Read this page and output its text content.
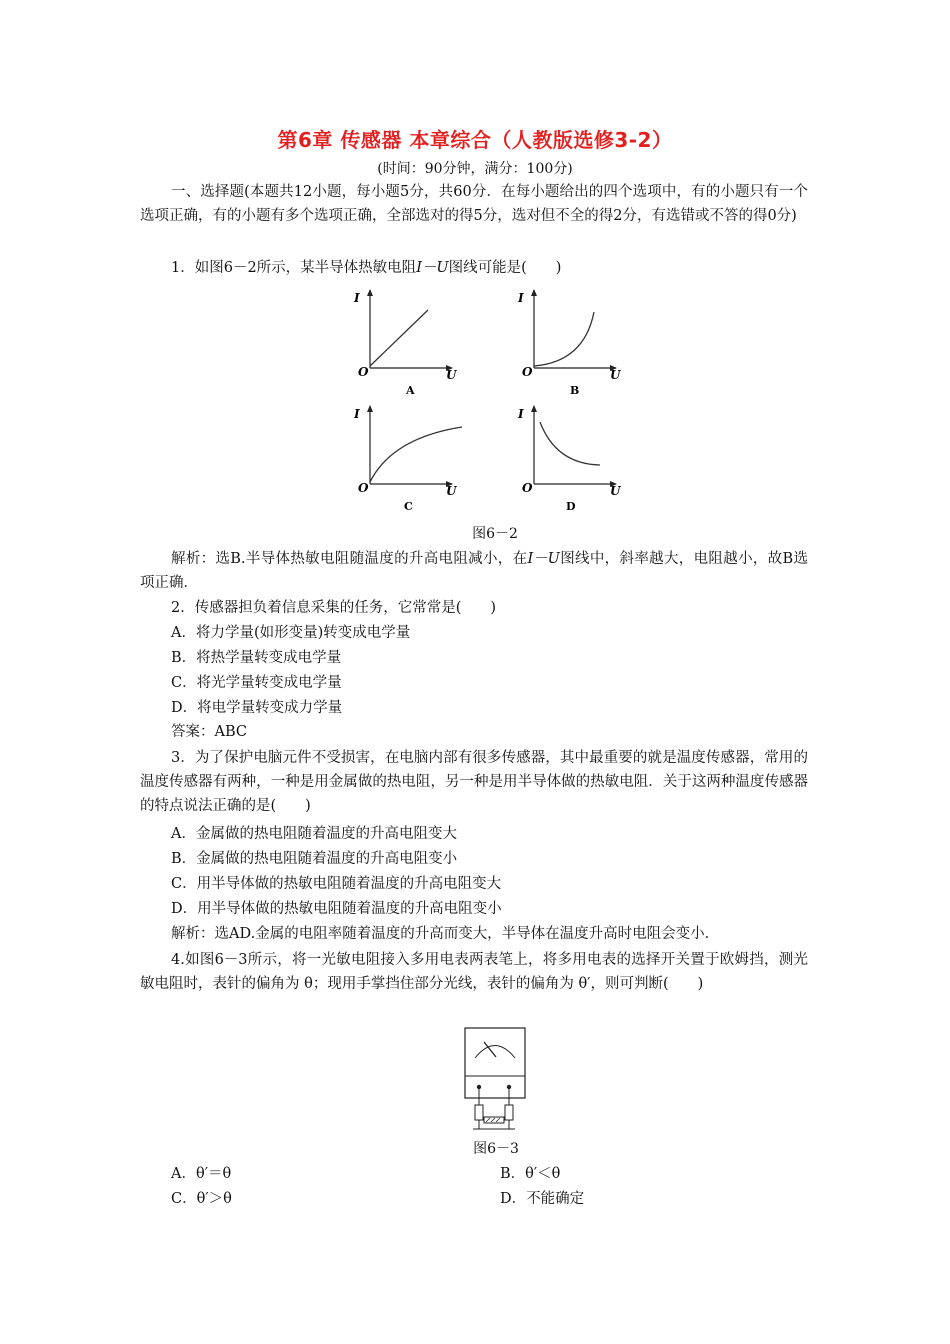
第6章 传感器 本章综合（人教版选修3-2）
(时间：90分钟，满分：100分)
一、选择题(本题共12小题，每小题5分，共60分．在每小题给出的四个选项中，有的小题只有一个选项正确，有的小题有多个选项正确，全部选对的得5分，选对但不全的得2分，有选错或不答的得0分)
1．如图6－2所示，某半导体热敏电阻I－U图线可能是(　　)
I
O	U
A
I
O	U
B
I
O	U
C
I
O	U
D
图6－2
解析：选B.半导体热敏电阻随温度的升高电阻减小，在I－U图线中，斜率越大，电阻越小，故B选项正确．
2．传感器担负着信息采集的任务，它常常是(　　)
A．将力学量(如形变量)转变成电学量
B．将热学量转变成电学量
C．将光学量转变成电学量
D．将电学量转变成力学量
答案：ABC
3．为了保护电脑元件不受损害，在电脑内部有很多传感器，其中最重要的就是温度传感器，常用的温度传感器有两种，一种是用金属做的热电阻，另一种是用半导体做的热敏电阻．关于这两种温度传感器的特点说法正确的是(　　)
A．金属做的热电阻随着温度的升高电阻变大
B．金属做的热电阻随着温度的升高电阻变小
C．用半导体做的热敏电阻随着温度的升高电阻变大
D．用半导体做的热敏电阻随着温度的升高电阻变小
解析：选AD.金属的电阻率随着温度的升高而变大，半导体在温度升高时电阻会变小．
4.如图6－3所示，将一光敏电阻接入多用电表两表笔上，将多用电表的选择开关置于欧姆挡，测光敏电阻时，表针的偏角为 θ；现用手掌挡住部分光线，表针的偏角为 θ′，则可判断(　　)
图6－3
A．θ′＝θ	B．θ′＜θ
C．θ′＞θ	D．不能确定
